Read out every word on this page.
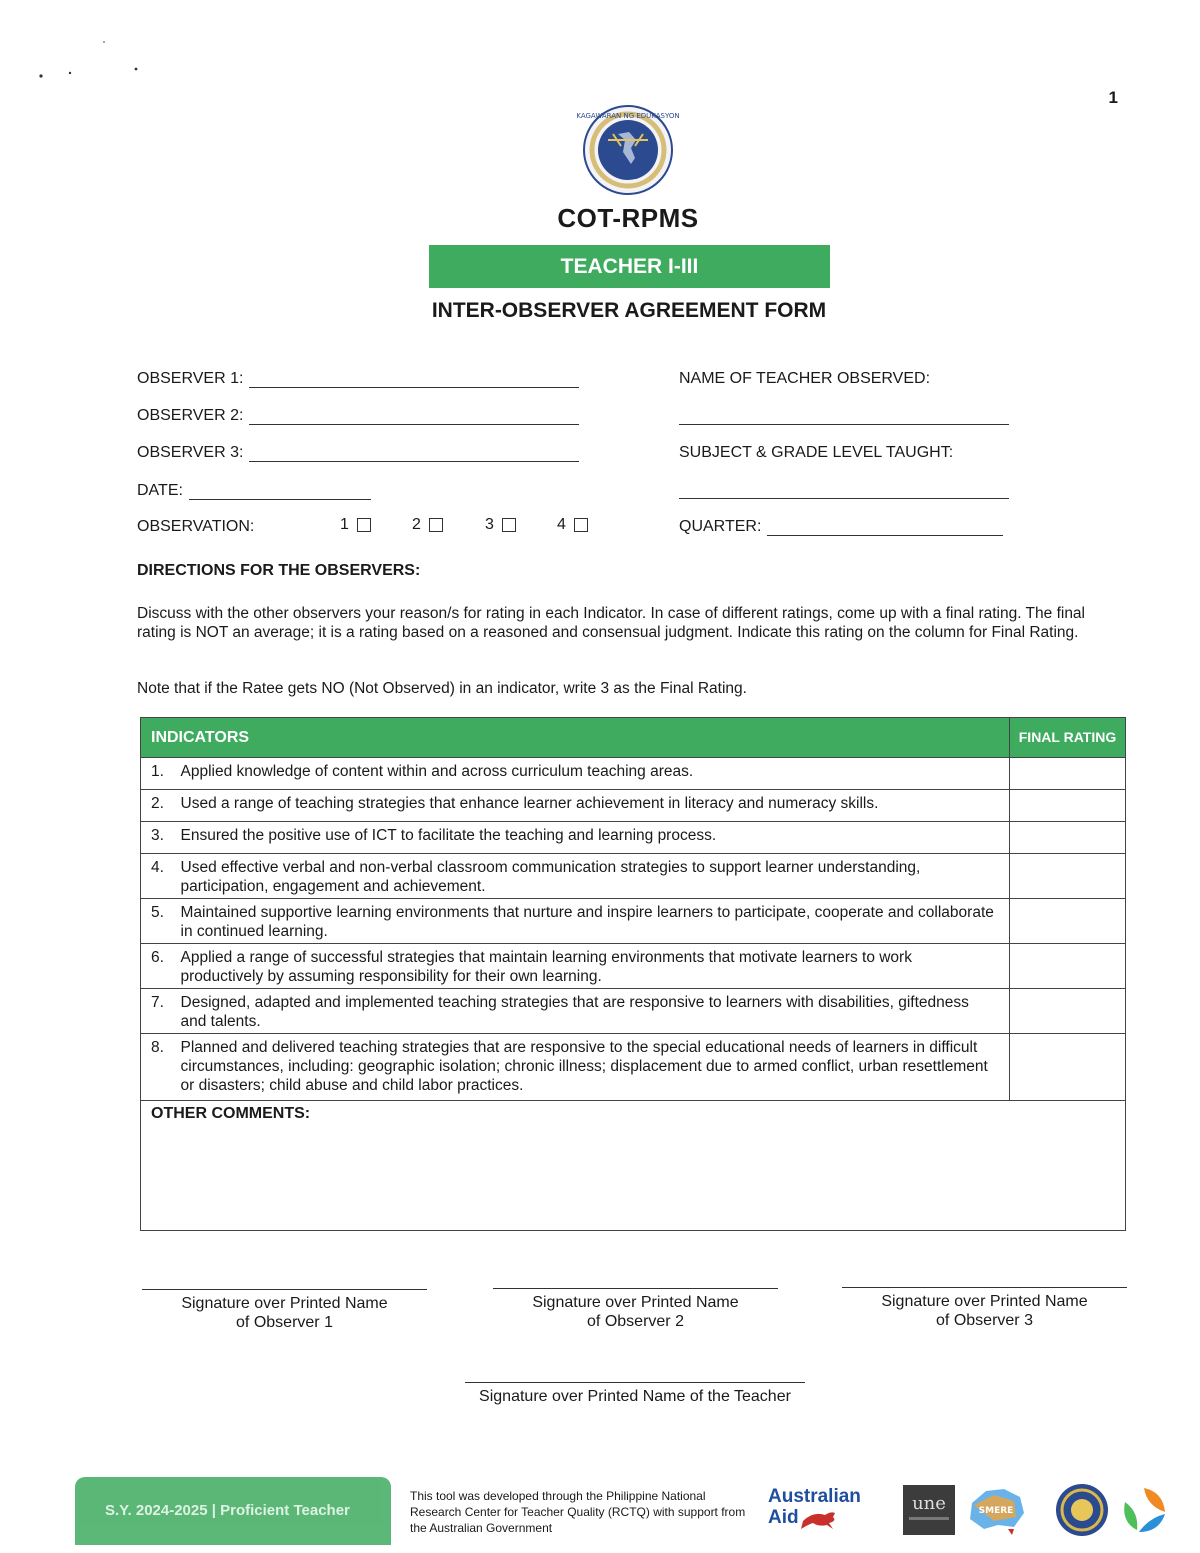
1
KAGAWARAN NG EDUKASYON
COT-RPMS
TEACHER I-III
INTER-OBSERVER AGREEMENT FORM
OBSERVER 1:
OBSERVER 2:
OBSERVER 3:
DATE:
OBSERVATION:	1	2	3	4
NAME OF TEACHER OBSERVED:
SUBJECT & GRADE LEVEL TAUGHT:
QUARTER:
DIRECTIONS FOR THE OBSERVERS:
Discuss with the other observers your reason/s for rating in each Indicator. In case of different ratings, come up with a final rating. The final rating is NOT an average; it is a rating based on a reasoned and consensual judgment. Indicate this rating on the column for Final Rating.
Note that if the Ratee gets NO (Not Observed) in an indicator, write 3 as the Final Rating.
INDICATORS		FINAL RATING
1.	Applied knowledge of content within and across curriculum teaching areas.	
2.	Used a range of teaching strategies that enhance learner achievement in literacy and numeracy skills.	
3.	Ensured the positive use of ICT to facilitate the teaching and learning process.	
4.	Used effective verbal and non-verbal classroom communication strategies to support learner understanding, participation, engagement and achievement.	
5.	Maintained supportive learning environments that nurture and inspire learners to participate, cooperate and collaborate in continued learning.	
6.	Applied a range of successful strategies that maintain learning environments that motivate learners to work productively by assuming responsibility for their own learning.	
7.	Designed, adapted and implemented teaching strategies that are responsive to learners with disabilities, giftedness and talents.	
8.	Planned and delivered teaching strategies that are responsive to the special educational needs of learners in difficult circumstances, including: geographic isolation; chronic illness; displacement due to armed conflict, urban resettlement or disasters; child abuse and child labor practices.	
OTHER COMMENTS:		
Signature over Printed Name
of Observer 1
Signature over Printed Name
of Observer 2
Signature over Printed Name
of Observer 3
Signature over Printed Name of the Teacher
S.Y. 2024-2025 | Proficient Teacher
This tool was developed through the Philippine National Research Center for Teacher Quality (RCTQ) with support from the Australian Government
Australian
Aid
une	SMERE
